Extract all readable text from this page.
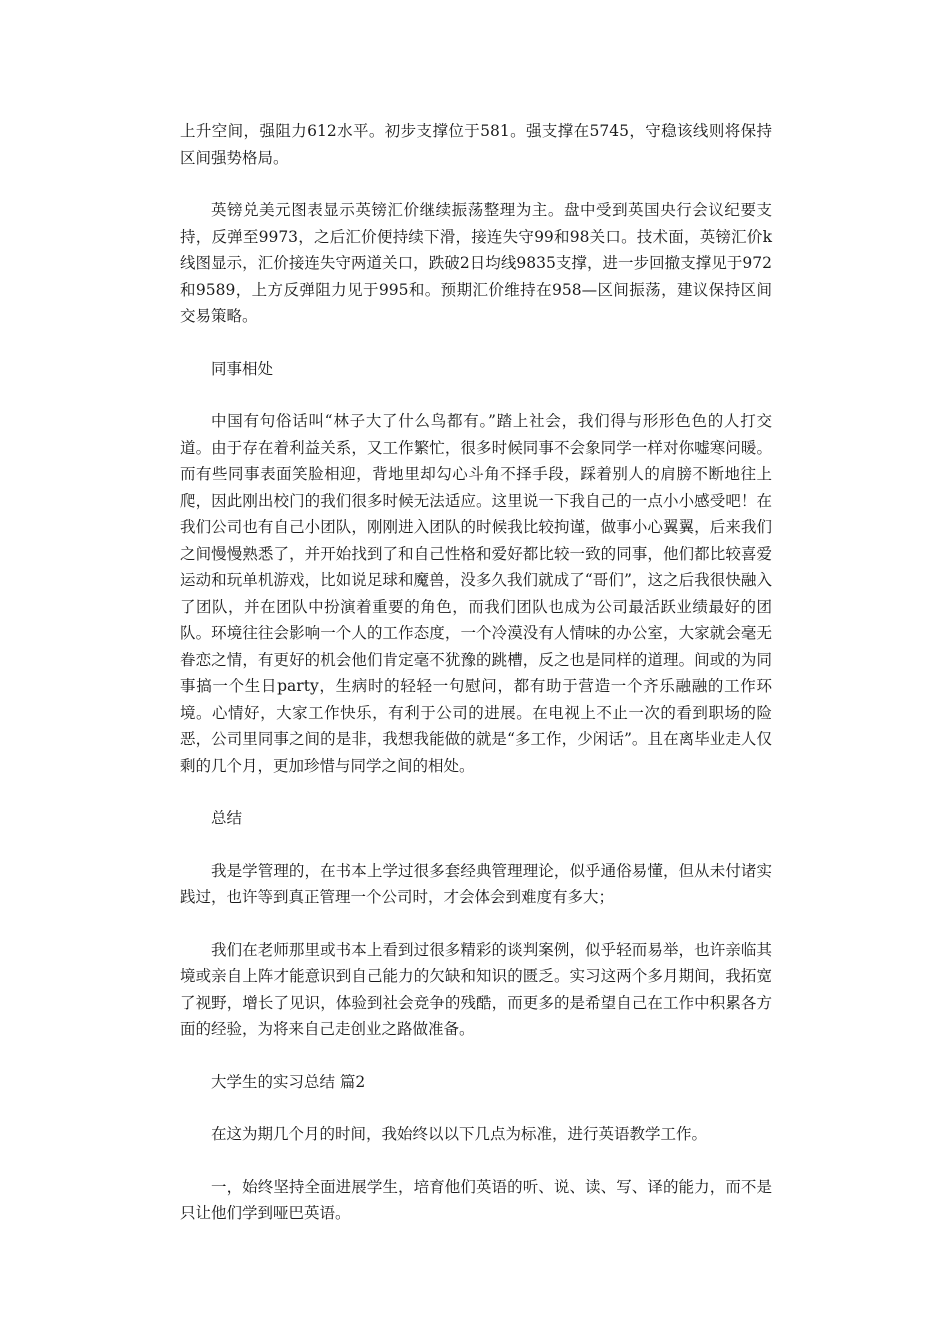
上升空间，强阻力612水平。初步支撑位于581。强支撑在5745，守稳该线则将保持区间强势格局。

英镑兑美元图表显示英镑汇价继续振荡整理为主。盘中受到英国央行会议纪要支持，反弹至9973，之后汇价便持续下滑，接连失守99和98关口。技术面，英镑汇价k线图显示，汇价接连失守两道关口，跌破2日均线9835支撑，进一步回撤支撑见于972和9589，上方反弹阻力见于995和。预期汇价维持在958—区间振荡，建议保持区间交易策略。

同事相处

中国有句俗话叫“林子大了什么鸟都有。”踏上社会，我们得与形形色色的人打交道。由于存在着利益关系，又工作繁忙，很多时候同事不会象同学一样对你嘘寒问暖。而有些同事表面笑脸相迎，背地里却勾心斗角不择手段，踩着别人的肩膀不断地往上爬，因此刚出校门的我们很多时候无法适应。这里说一下我自己的一点小小感受吧！在我们公司也有自己小团队，刚刚进入团队的时候我比较拘谨，做事小心翼翼，后来我们之间慢慢熟悉了，并开始找到了和自己性格和爱好都比较一致的同事，他们都比较喜爱运动和玩单机游戏，比如说足球和魔兽，没多久我们就成了“哥们”，这之后我很快融入了团队，并在团队中扮演着重要的角色，而我们团队也成为公司最活跃业绩最好的团队。环境往往会影响一个人的工作态度，一个冷漠没有人情味的办公室，大家就会毫无眷恋之情，有更好的机会他们肯定毫不犹豫的跳槽，反之也是同样的道理。间或的为同事搞一个生日party，生病时的轻轻一句慰问，都有助于营造一个齐乐融融的工作环境。心情好，大家工作快乐，有利于公司的进展。在电视上不止一次的看到职场的险恶，公司里同事之间的是非，我想我能做的就是“多工作，少闲话”。且在离毕业走人仅剩的几个月，更加珍惜与同学之间的相处。

总结

我是学管理的，在书本上学过很多套经典管理理论，似乎通俗易懂，但从未付诸实践过，也许等到真正管理一个公司时，才会体会到难度有多大；

我们在老师那里或书本上看到过很多精彩的谈判案例，似乎轻而易举，也许亲临其境或亲自上阵才能意识到自己能力的欠缺和知识的匮乏。实习这两个多月期间，我拓宽了视野，增长了见识，体验到社会竞争的残酷，而更多的是希望自己在工作中积累各方面的经验，为将来自己走创业之路做准备。

大学生的实习总结 篇2

在这为期几个月的时间，我始终以以下几点为标准，进行英语教学工作。

一，始终坚持全面进展学生，培育他们英语的听、说、读、写、译的能力，而不是只让他们学到哑巴英语。
